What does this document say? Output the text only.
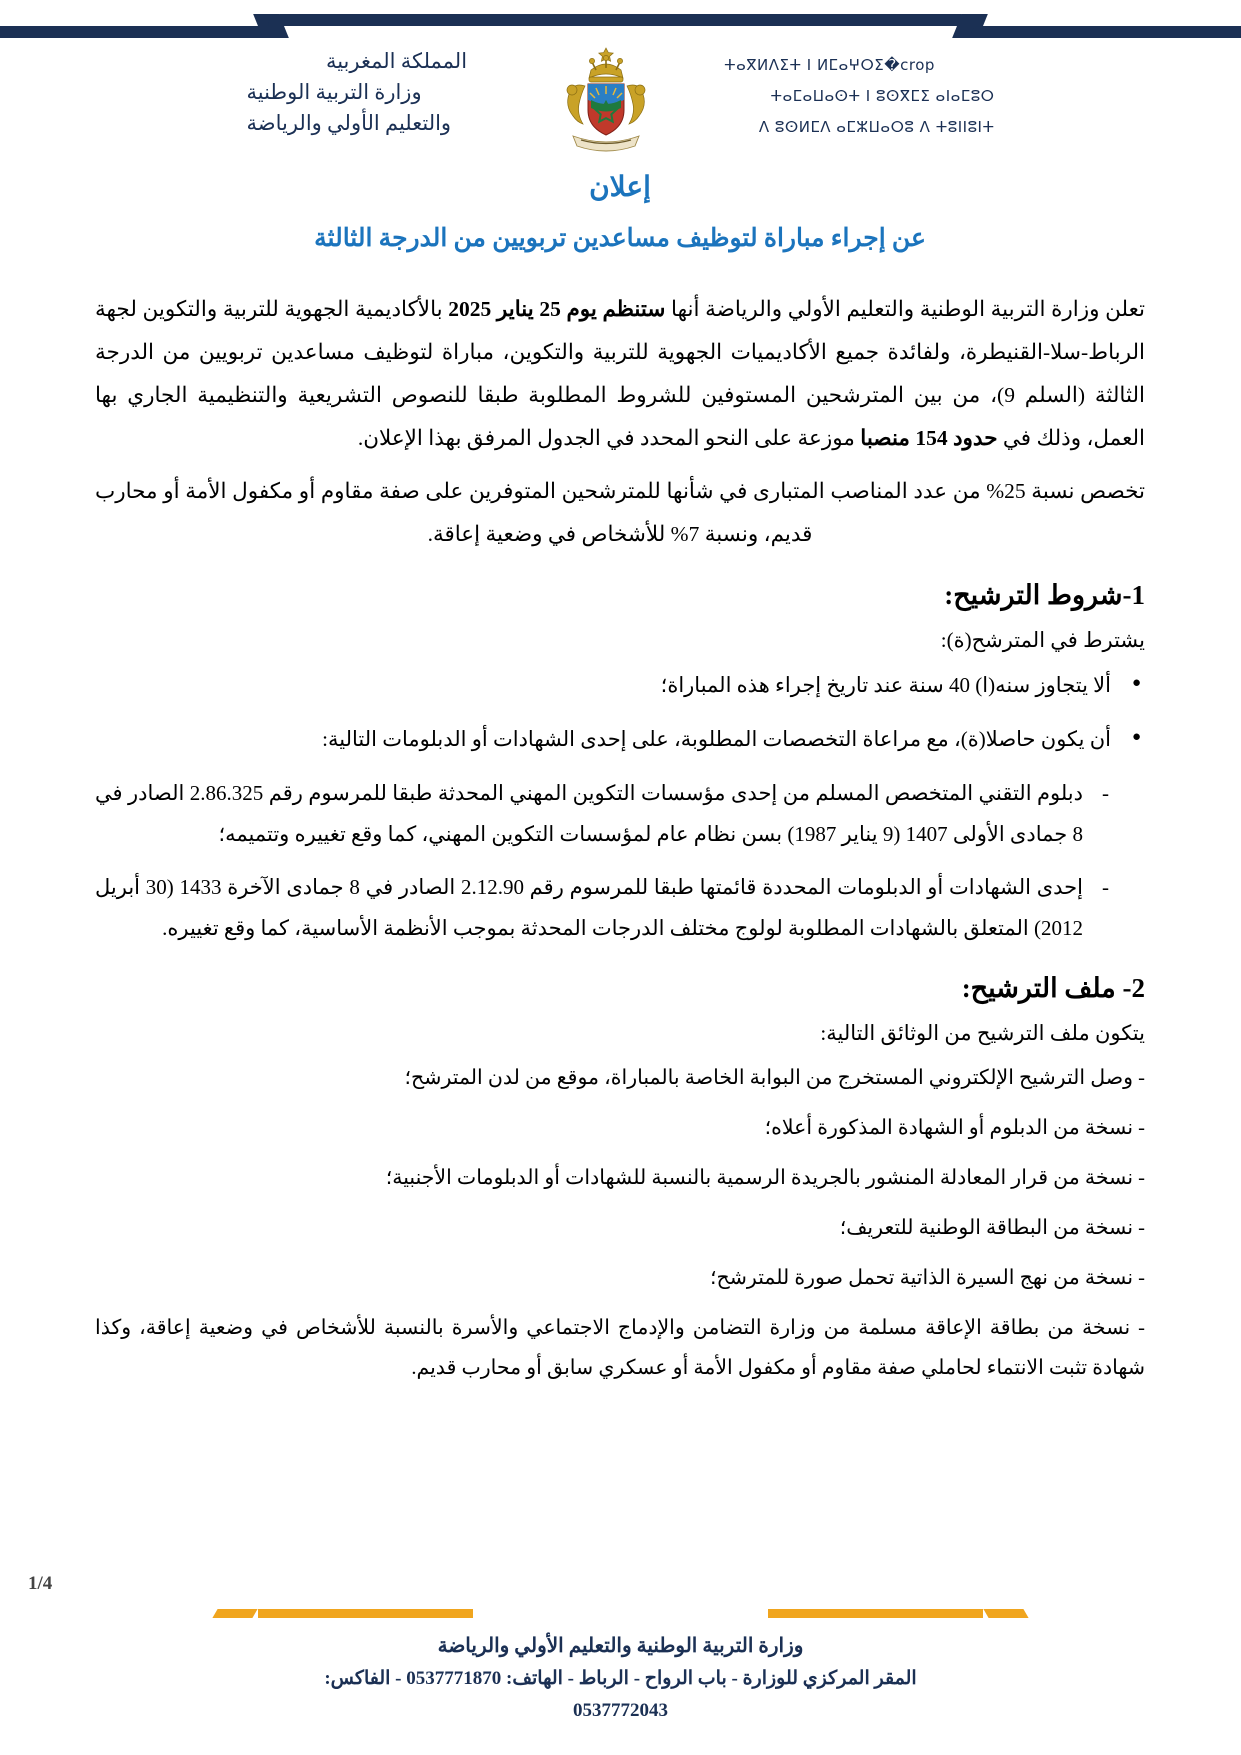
المملكة المغربية
وزارة التربية الوطنية
والتعليم الأولي والرياضة
ⵜⴰⴳⵍⴷⵉⵜ ⵏ ⵍⵎⴰⵖⵔⵉ�crop
ⵜⴰⵎⴰⵡⴰⵙⵜ ⵏ ⵓⵙⴳⵎⵉ ⴰⵏⴰⵎⵓⵔ
ⴷ ⵓⵙⵍⵎⴷ ⴰⵎⵣⵡⴰⵔⵓ ⴷ ⵜⵓⵏⵏⵓⵏⵜ
إعلان
عن إجراء مباراة لتوظيف مساعدين تربويين من الدرجة الثالثة

تعلن وزارة التربية الوطنية والتعليم الأولي والرياضة أنها ستنظم يوم 25 يناير 2025 بالأكاديمية الجهوية للتربية والتكوين لجهة الرباط-سلا-القنيطرة، ولفائدة جميع الأكاديميات الجهوية للتربية والتكوين، مباراة لتوظيف مساعدين تربويين من الدرجة الثالثة (السلم 9)، من بين المترشحين المستوفين للشروط المطلوبة طبقا للنصوص التشريعية والتنظيمية الجاري بها العمل، وذلك في حدود 154 منصبا موزعة على النحو المحدد في الجدول المرفق بهذا الإعلان.

تخصص نسبة 25% من عدد المناصب المتبارى في شأنها للمترشحين المتوفرين على صفة مقاوم أو مكفول الأمة أو محارب قديم، ونسبة 7% للأشخاص في وضعية إعاقة.

1-شروط الترشيح:
يشترط في المترشح(ة):
● ألا يتجاوز سنه(ا) 40 سنة عند تاريخ إجراء هذه المباراة؛
● أن يكون حاصلا(ة)، مع مراعاة التخصصات المطلوبة، على إحدى الشهادات أو الدبلومات التالية:
- دبلوم التقني المتخصص المسلم من إحدى مؤسسات التكوين المهني المحدثة طبقا للمرسوم رقم 2.86.325 الصادر في 8 جمادى الأولى 1407 (9 يناير 1987) بسن نظام عام لمؤسسات التكوين المهني، كما وقع تغييره وتتميمه؛
- إحدى الشهادات أو الدبلومات المحددة قائمتها طبقا للمرسوم رقم 2.12.90 الصادر في 8 جمادى الآخرة 1433 (30 أبريل 2012) المتعلق بالشهادات المطلوبة لولوج مختلف الدرجات المحدثة بموجب الأنظمة الأساسية، كما وقع تغييره.
2- ملف الترشيح:
يتكون ملف الترشيح من الوثائق التالية:
- وصل الترشيح الإلكتروني المستخرج من البوابة الخاصة بالمباراة، موقع من لدن المترشح؛
- نسخة من الدبلوم أو الشهادة المذكورة أعلاه؛
- نسخة من قرار المعادلة المنشور بالجريدة الرسمية بالنسبة للشهادات أو الدبلومات الأجنبية؛
- نسخة من البطاقة الوطنية للتعريف؛
- نسخة من نهج السيرة الذاتية تحمل صورة للمترشح؛
- نسخة من بطاقة الإعاقة مسلمة من وزارة التضامن والإدماج الاجتماعي والأسرة بالنسبة للأشخاص في وضعية إعاقة، وكذا شهادة تثبت الانتماء لحاملي صفة مقاوم أو مكفول الأمة أو عسكري سابق أو محارب قديم.
1/4
وزارة التربية الوطنية والتعليم الأولي والرياضة
المقر المركزي للوزارة - باب الرواح - الرباط - الهاتف: 0537771870 - الفاكس:
0537772043
